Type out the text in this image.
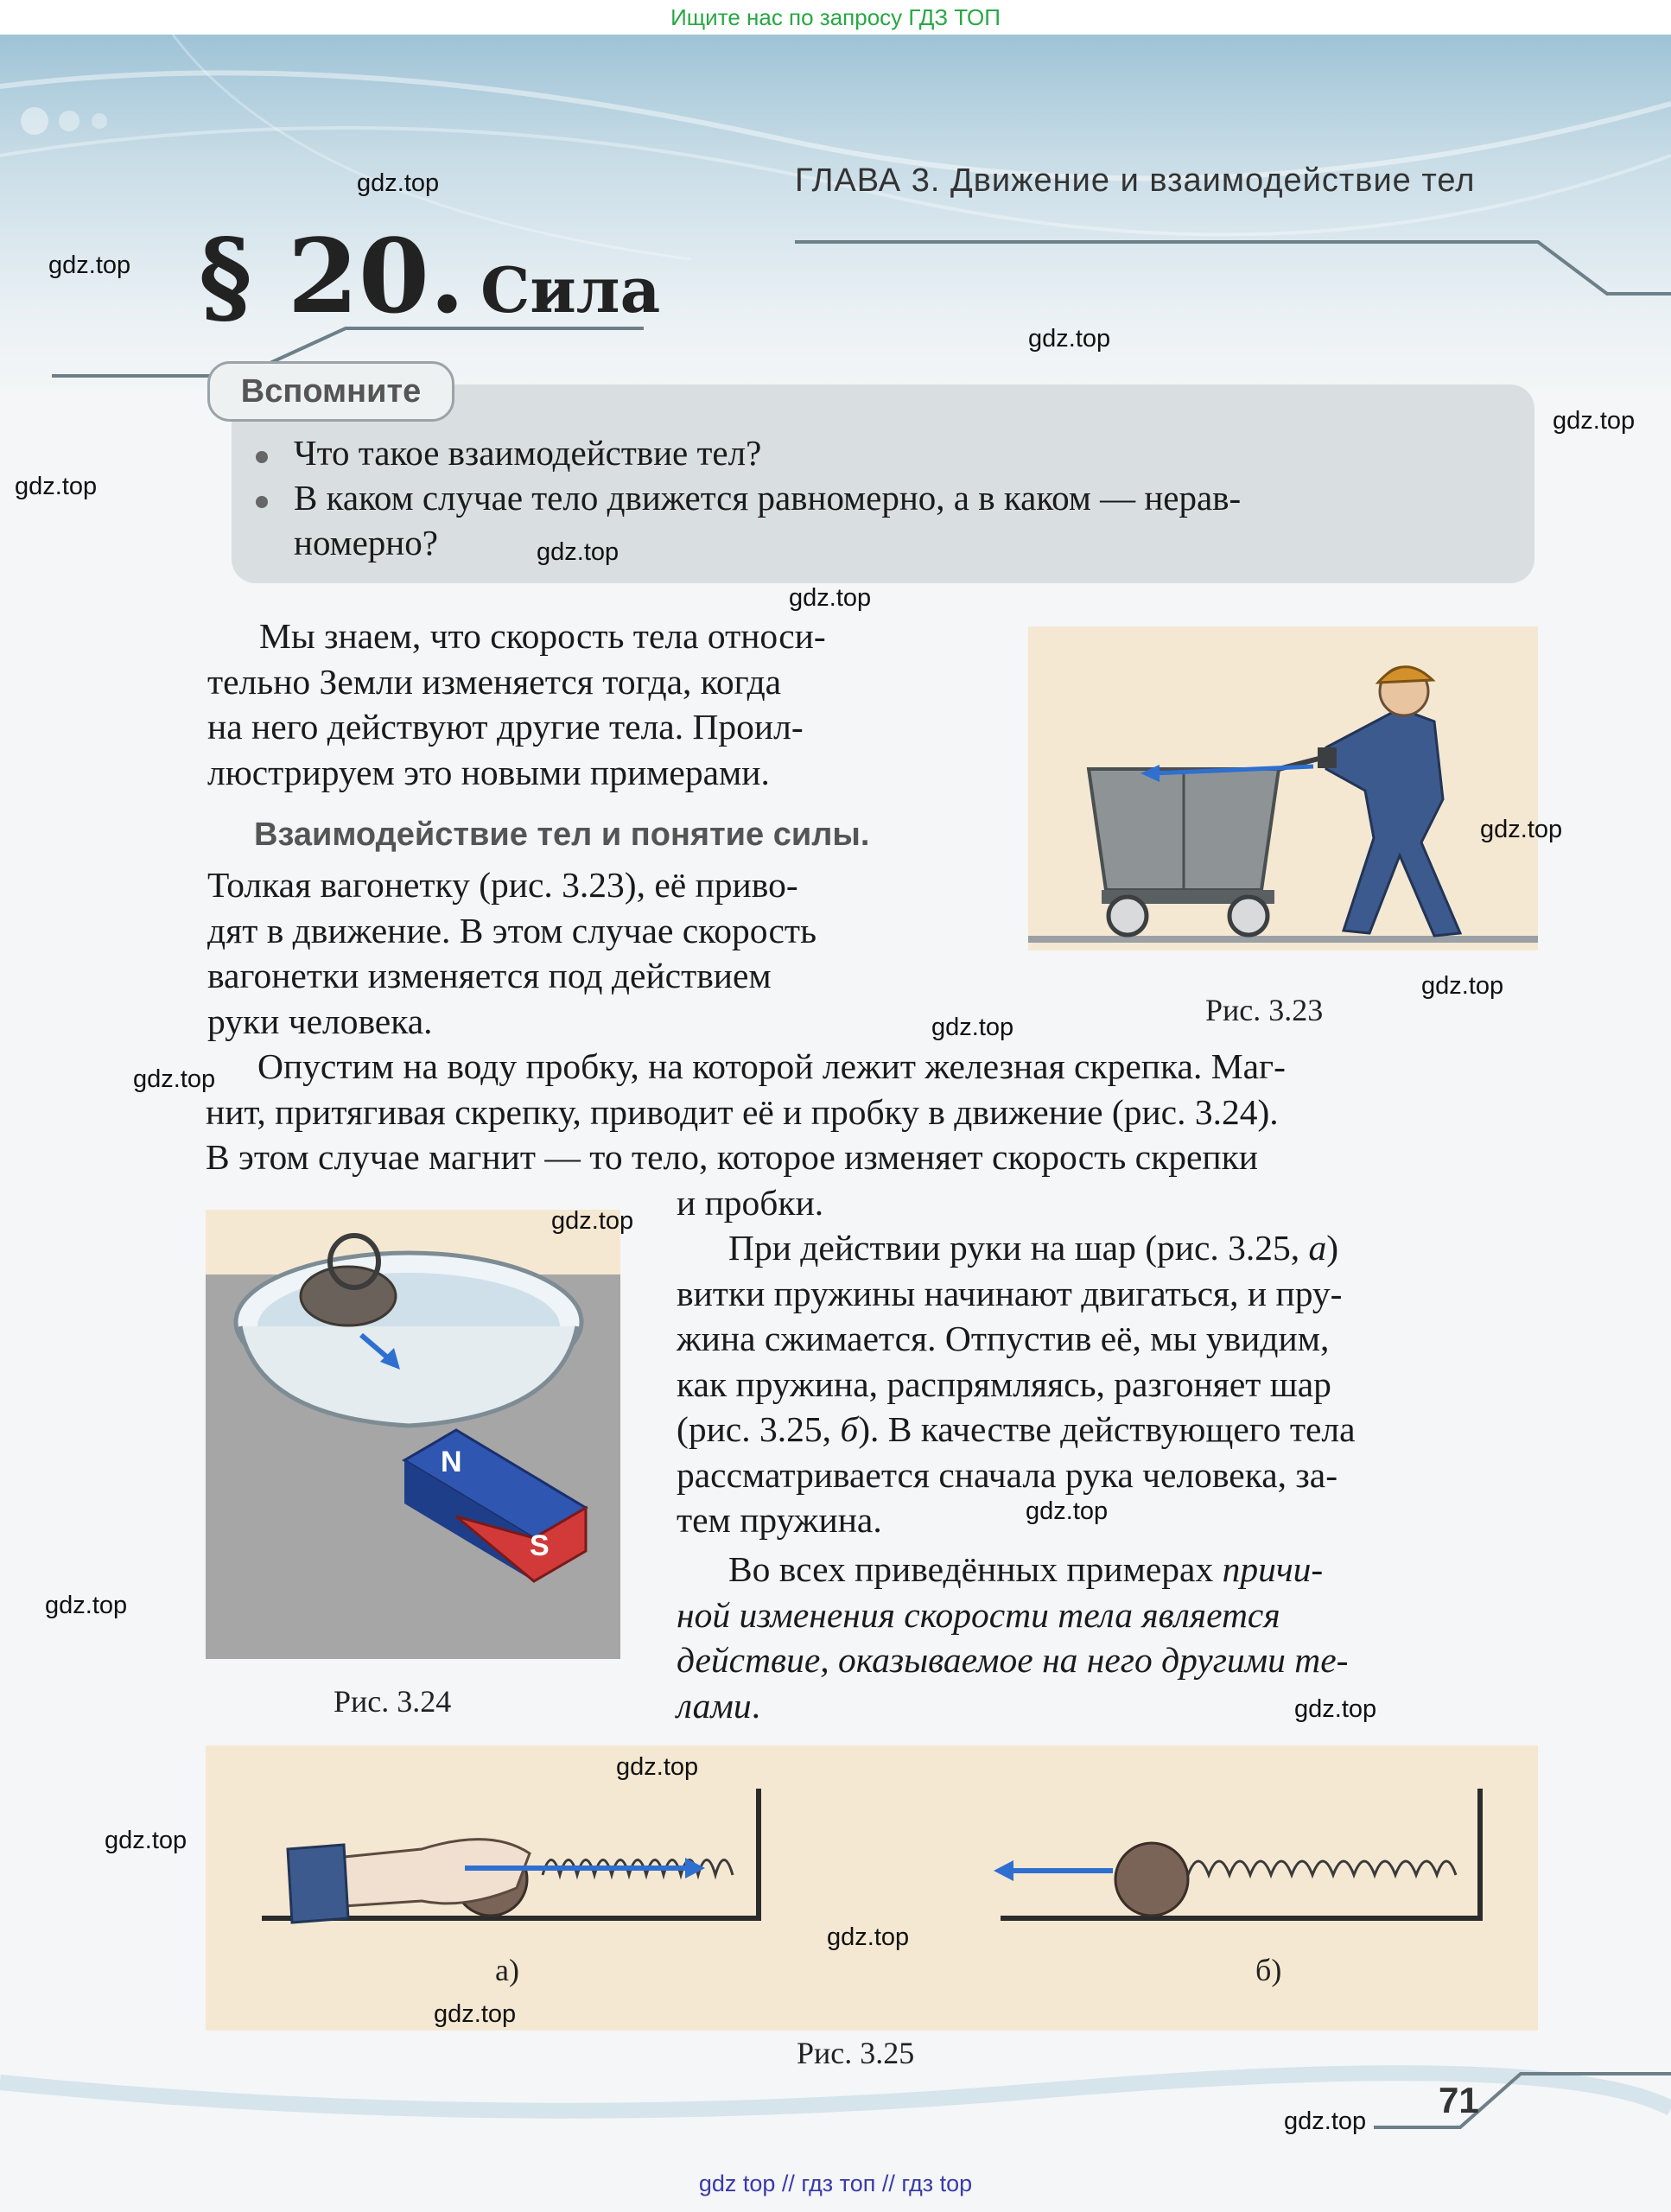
Ищите нас по запросу ГДЗ ТОП
ГЛАВА 3. Движение и взаимодействие тел
§ 20. Сила
Вспомните
Что такое взаимодействие тел?
В каком случае тело движется равномерно, а в каком — нерав-
номерно?
Мы знаем, что скорость тела относи-
тельно Земли изменяется тогда, когда
на него действуют другие тела. Проил-
люстрируем это новыми примерами.
Взаимодействие тел и понятие силы.
Толкая вагонетку (рис. 3.23), её приво-
дят в движение. В этом случае скорость
вагонетки изменяется под действием
руки человека.	Рис. 3.23
Опустим на воду пробку, на которой лежит железная скрепка. Маг-
нит, притягивая скрепку, приводит её и пробку в движение (рис. 3.24).
В этом случае магнит — то тело, которое изменяет скорость скрепки
и пробки.
N
S
Рис. 3.24
При действии руки на шар (рис. 3.25, а)
витки пружины начинают двигаться, и пру-
жина сжимается. Отпустив её, мы увидим,
как пружина, распрямляясь, разгоняет шар
(рис. 3.25, б). В качестве действующего тела
рассматривается сначала рука человека, за-
тем пружина.
Во всех приведённых примерах причи-
ной изменения скорости тела является
действие, оказываемое на него другими те-
лами.
а)	б)
Рис. 3.25
71
gdz.top
gdz.top
gdz.top
gdz.top
gdz.top
gdz.top
gdz.top
gdz.top
gdz.top
gdz.top
gdz.top
gdz.top
gdz.top
gdz.top
gdz.top
gdz.top
gdz.top
gdz.top
gdz.top
gdz.top
gdz top // гдз топ // гдз top
